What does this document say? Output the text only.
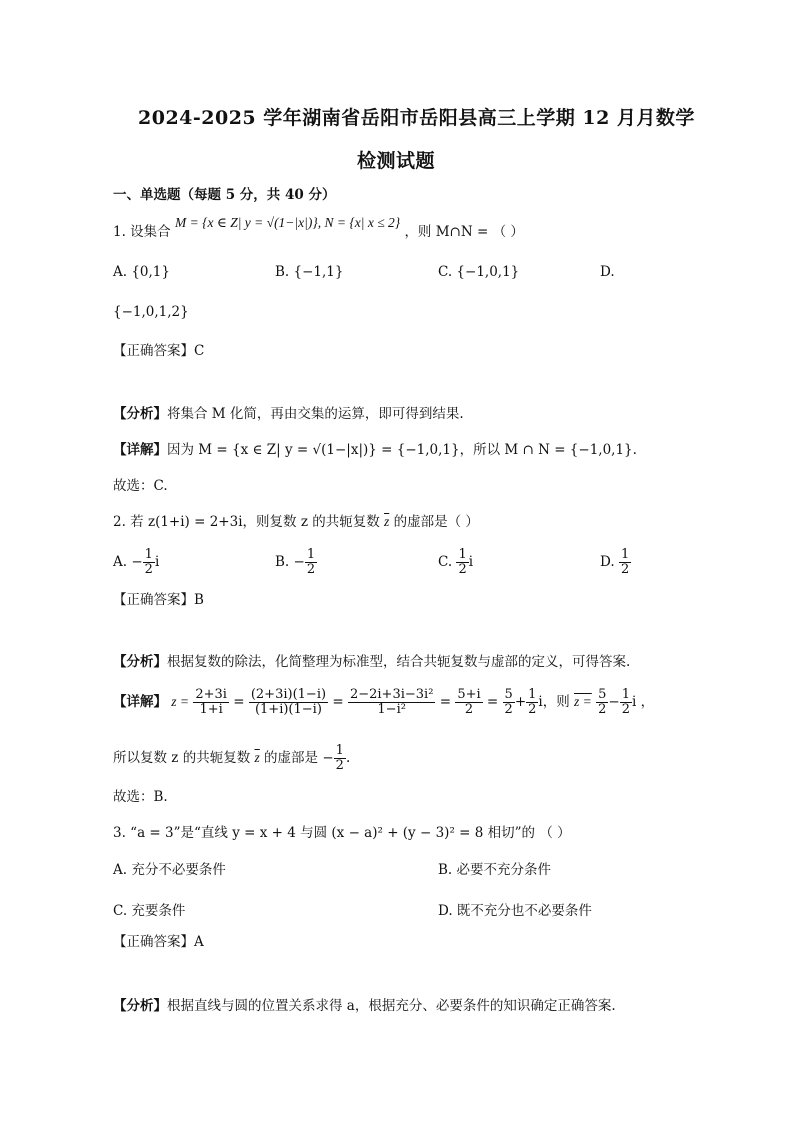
2024-2025 学年湖南省岳阳市岳阳县高三上学期 12 月月数学
检测试题
一、单选题（每题 5 分，共 40 分）
1. 设集合 M = {x ∈ Z| y = √(1−|x|)}, N = {x| x ≤ 2} ，则 M∩N = （ ）
A. {0,1}	B. {−1,1}	C. {−1,0,1}	D.
{−1,0,1,2}
【正确答案】C
【分析】将集合 M 化简，再由交集的运算，即可得到结果.
【详解】因为 M = {x ∈ Z| y = √(1−|x|)} = {−1,0,1}，所以 M ∩ N = {−1,0,1}.
故选：C.
2. 若 z(1+i) = 2+3i，则复数 z 的共轭复数 $\overline{z}$ 的虚部是（ ）
A. − $\frac{1}{2}$ i	B. − $\frac{1}{2}$	C. $\frac{1}{2}$ i	D. $\frac{1}{2}$
【正确答案】B
【分析】根据复数的除法，化简整理为标准型，结合共轭复数与虚部的定义，可得答案.
【详解】 $z = \frac{2+3i}{1+i} = \frac{(2+3i)(1-i)}{(1+i)(1-i)} = \frac{\text{2−2i+3i−3i²}}{\text{1−i²}} = \frac{5+i}{2} = \frac{5}{2} + \frac{1}{2}$ i，则 $z = \frac{5}{2} - \frac{1}{2}$ i ，
所以复数 z 的共轭复数 $\overline{z}$ 的虚部是 − $\frac{1}{2}$ .
故选：B.
3. “a = 3”是“直线 y = x + 4 与圆 (x − a)² + (y − 3)² = 8 相切”的 （ ）
A. 充分不必要条件	B. 必要不充分条件
C. 充要条件	D. 既不充分也不必要条件
【正确答案】A
【分析】根据直线与圆的位置关系求得 a，根据充分、必要条件的知识确定正确答案.
